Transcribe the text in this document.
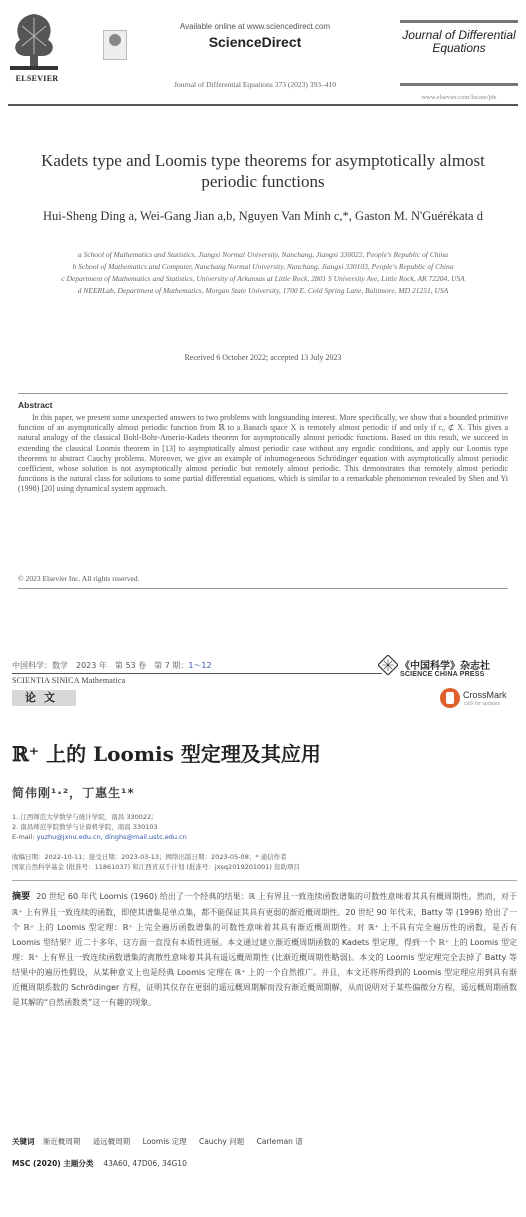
ELSEVIER
Available online at www.sciencedirect.com
ScienceDirect
Journal of Differential Equations 373 (2023) 393–410
Journal of Differential Equations
www.elsevier.com/locate/jde
Kadets type and Loomis type theorems for asymptotically almost periodic functions
Hui-Sheng Ding a, Wei-Gang Jian a,b, Nguyen Van Minh c,*, Gaston M. N'Guérékata d
a School of Mathematics and Statistics, Jiangxi Normal University, Nanchang, Jiangxi 330022, People's Republic of China
b School of Mathematics and Computer, Nanchang Normal University, Nanchang, Jiangxi 330103, People's Republic of China
c Department of Mathematics and Statistics, University of Arkansas at Little Rock, 2801 S University Ave, Little Rock, AR 72204, USA
d NEERLab, Department of Mathematics, Morgan State University, 1700 E. Cold Spring Lane, Baltimore, MD 21251, USA
Received 6 October 2022; accepted 13 July 2023
Abstract
In this paper, we present some unexpected answers to two problems with longstanding interest. More specifically, we show that a bounded primitive function of an asymptotically almost periodic function from ℝ to a Banach space X is remotely almost periodic if and only if c₀ ⊄ X. This gives a natural analogy of the classical Bohl-Bohr-Amerio-Kadets theorem for asymptotically almost periodic functions. Based on this result, we succeed in extending the classical Loomis theorem in [13] to asymptotically almost periodic case without any ergodic conditions, and apply our Loomis type theorems to abstract Cauchy problems. Moreover, we give an example of inhomogeneous Schrödinger equation with asymptotically almost periodic coefficient, whose solution is not asymptotically almost periodic but remotely almost periodic. This demonstrates that remotely almost periodic functions is the natural class for solutions to some partial differential equations, which is similar to a remarkable phenomenon revealed by Shen and Yi (1998) [20] using dynamical system approach.
© 2023 Elsevier Inc. All rights reserved.
中国科学：数学　2023 年　第 53 卷　第 7 期：1～12
SCIENTIA SINICA Mathematica
论文
《中国科学》杂志社
SCIENCE CHINA PRESS
CrossMark
click for updates
ℝ⁺ 上的 Loomis 型定理及其应用
简伟刚¹·²，丁惠生¹*
1. 江西师范大学数学与统计学院，南昌 330022;
2. 南昌师范学院数学与计算机学院，南昌 330103
E-mail: yuzhu@jxnu.edu.cn, dinghs@mail.ustc.edu.cn
收稿日期：2022-10-11；接受日期：2023-03-13；网络出版日期：2023-05-08；* 通信作者
国家自然科学基金 (批准号：11861037) 和江西省双千计划 (批准号：jxsq2019201001) 资助项目
摘要 20 世纪 60 年代 Loomis (1960) 给出了一个经典的结果：ℝ 上有界且一致连续函数谱集的可数性意味着其具有概周期性。然而，对于 ℝ⁺ 上有界且一致连续的函数，即使其谱集是单点集，都不能保证其具有更弱的渐近概周期性。20 世纪 90 年代末，Batty 等 (1998) 给出了一个 ℝ⁺ 上的 Loomis 型定理：ℝ⁺ 上完全遍历函数谱集的可数性意味着其具有渐近概周期性。对 ℝ⁺ 上不具有完全遍历性的函数，是否有 Loomis 型结果？近二十多年，这方面一直没有本质性进展。本文通过建立渐近概周期函数的 Kadets 型定理，得到一个 ℝ⁺ 上的 Loomis 型定理：ℝ⁺ 上有界且一致连续函数谱集的离散性意味着其具有遥远概周期性 (比渐近概周期性略弱)。本文的 Loomis 型定理完全去掉了 Batty 等结果中的遍历性假设，从某种意义上也是经典 Loomis 定理在 ℝ⁺ 上的一个自然推广。并且，本文还将所得到的 Loomis 型定理应用到具有渐近概周期系数的 Schrödinger 方程，证明其仅存在更弱的遥远概周期解而没有渐近概周期解，从而说明对于某些偏微分方程，遥远概周期函数是其解的“自然函数类”这一有趣的现象。
关键词 渐近概周期 遥远概周期 Loomis 定理 Cauchy 问题 Carleman 谱
MSC (2020) 主题分类 43A60, 47D06, 34G10
